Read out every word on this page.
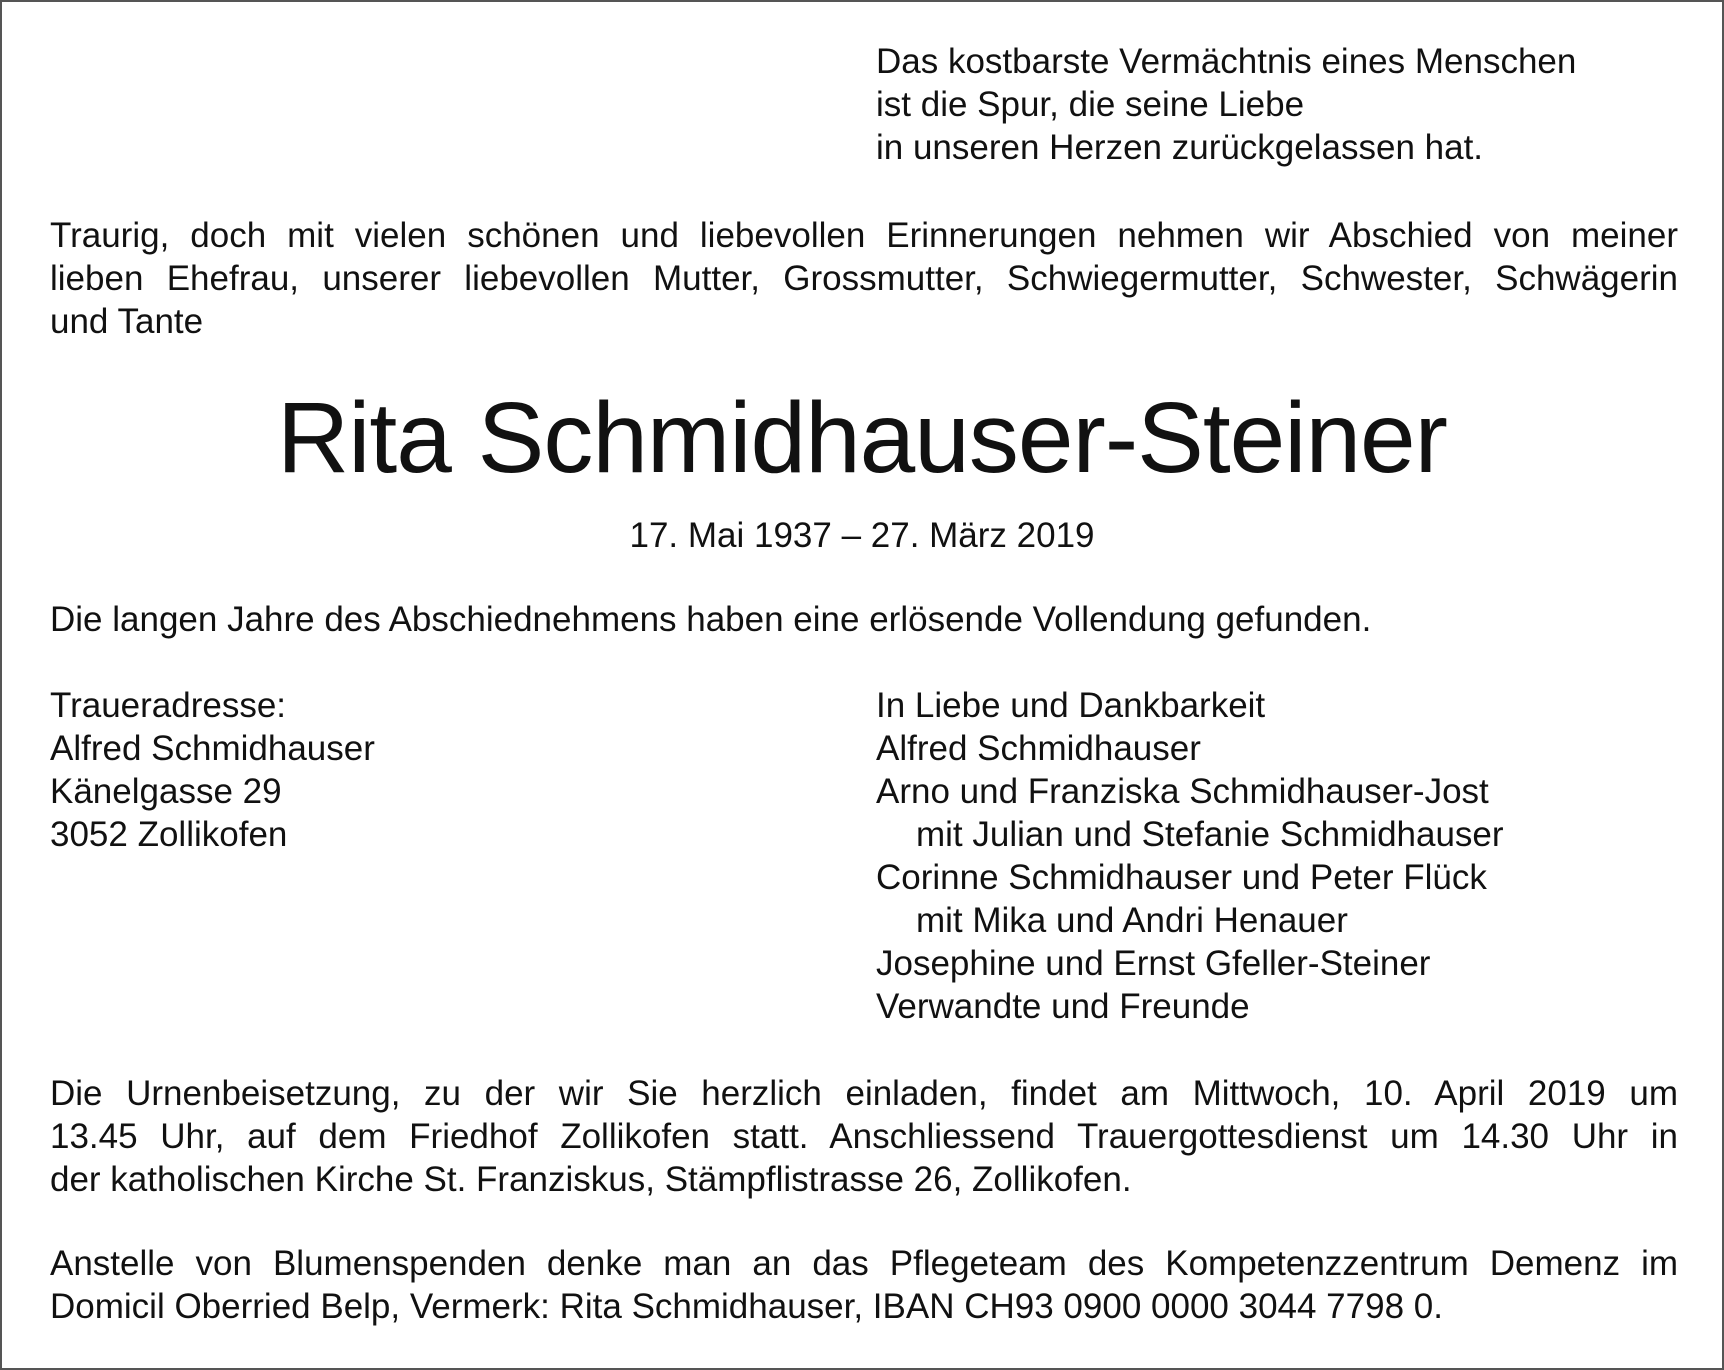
Das kostbarste Vermächtnis eines Menschen
ist die Spur, die seine Liebe
in unseren Herzen zurückgelassen hat.
Traurig, doch mit vielen schönen und liebevollen Erinnerungen nehmen wir Abschied von meiner
lieben Ehefrau, unserer liebevollen Mutter, Grossmutter, Schwiegermutter, Schwester, Schwägerin
und Tante
Rita Schmidhauser-Steiner
17. Mai 1937 – 27. März 2019
Die langen Jahre des Abschiednehmens haben eine erlösende Vollendung gefunden.
Traueradresse:
Alfred Schmidhauser
Känelgasse 29
3052 Zollikofen
In Liebe und Dankbarkeit
Alfred Schmidhauser
Arno und Franziska Schmidhauser-Jost
mit Julian und Stefanie Schmidhauser
Corinne Schmidhauser und Peter Flück
mit Mika und Andri Henauer
Josephine und Ernst Gfeller-Steiner
Verwandte und Freunde
Die Urnenbeisetzung, zu der wir Sie herzlich einladen, findet am Mittwoch, 10. April 2019 um
13.45 Uhr, auf dem Friedhof Zollikofen statt. Anschliessend Trauergottesdienst um 14.30 Uhr in
der katholischen Kirche St. Franziskus, Stämpflistrasse 26, Zollikofen.
Anstelle von Blumenspenden denke man an das Pflegeteam des Kompetenzzentrum Demenz im
Domicil Oberried Belp, Vermerk: Rita Schmidhauser, IBAN CH93 0900 0000 3044 7798 0.
